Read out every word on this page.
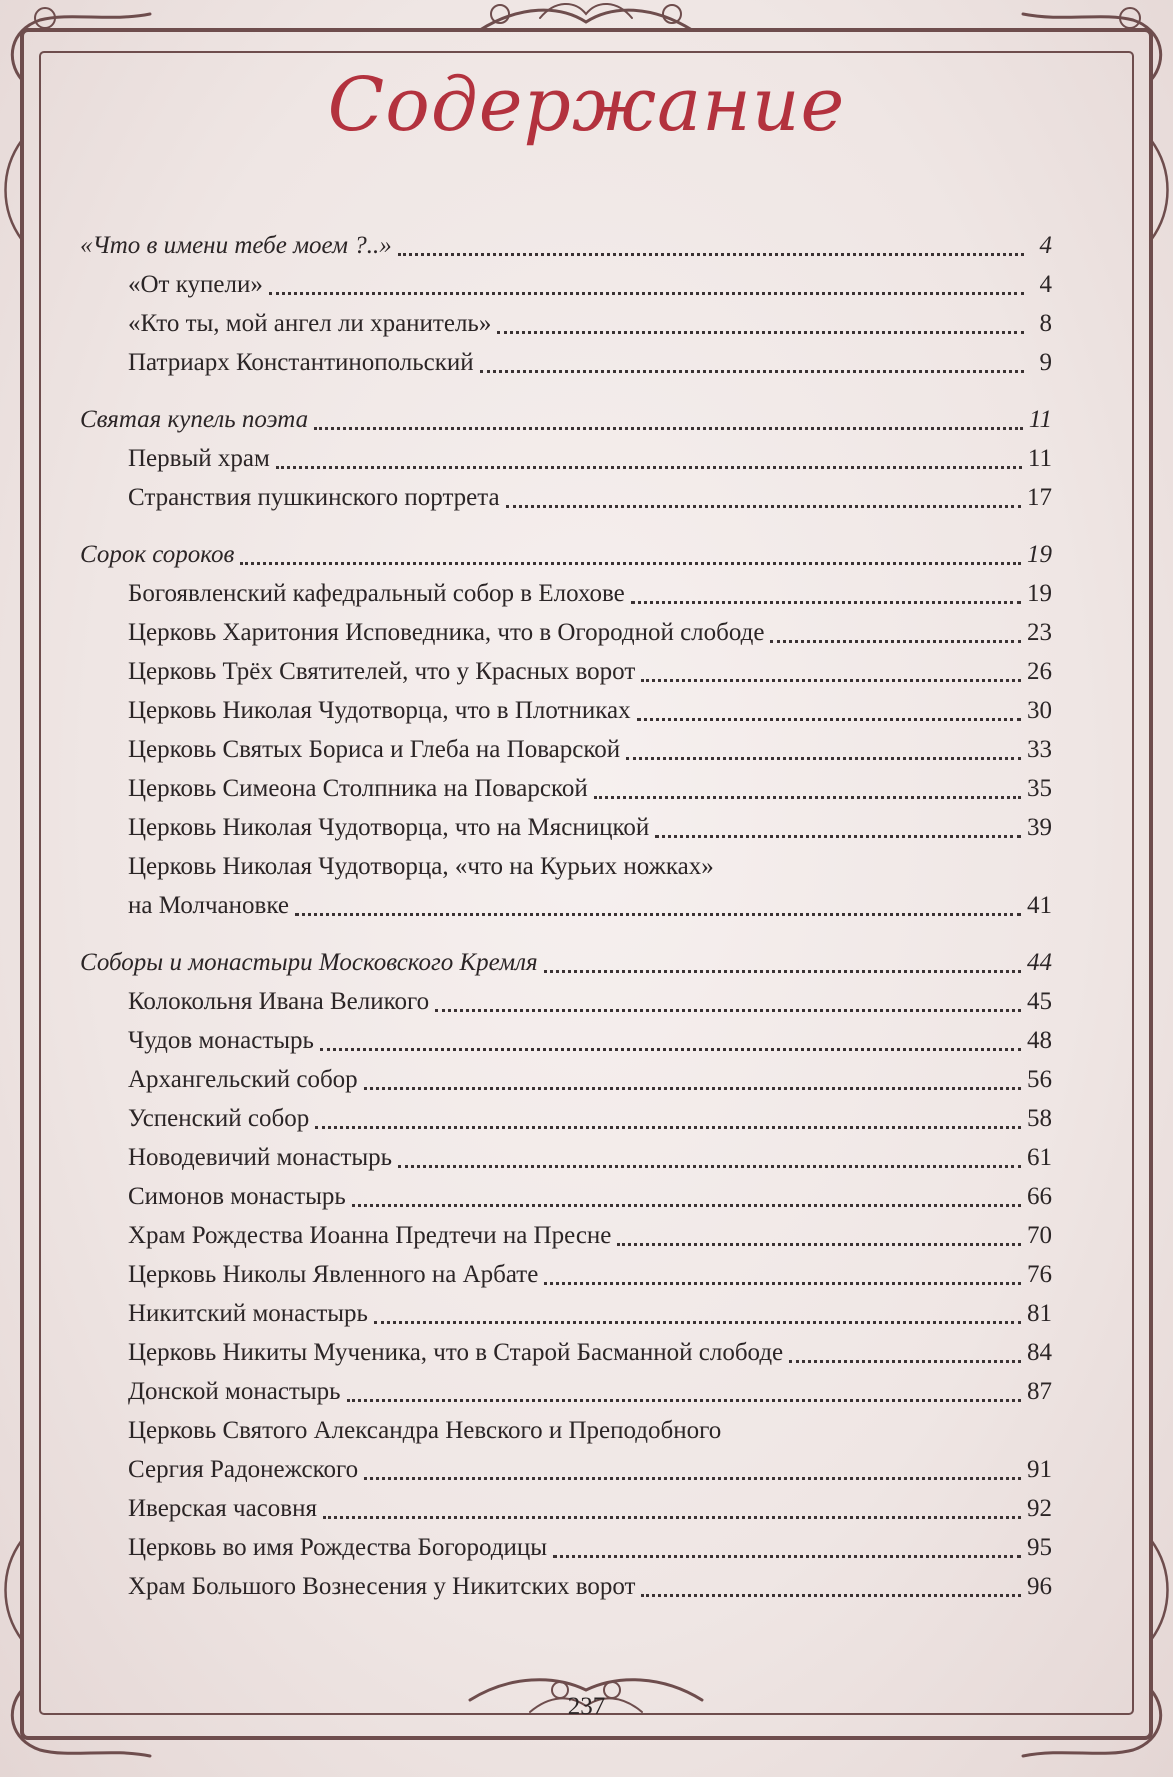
Содержание
«Что в имени тебе моем ?..»	4
«От купели»	4
«Кто ты, мой ангел ли хранитель»	8
Патриарх Константинопольский	9
Святая купель поэта	11
Первый храм	11
Странствия пушкинского портрета	17
Сорок сороков	19
Богоявленский кафедральный собор в Елохове	19
Церковь Харитония Исповедника, что в Огородной слободе	23
Церковь Трёх Святителей, что у Красных ворот	26
Церковь Николая Чудотворца, что в Плотниках	30
Церковь Святых Бориса и Глеба на Поварской	33
Церковь Симеона Столпника на Поварской	35
Церковь Николая Чудотворца, что на Мясницкой	39
Церковь Николая Чудотворца, «что на Курьих ножках»
на Молчановке	41
Соборы и монастыри Московского Кремля	44
Колокольня Ивана Великого	45
Чудов монастырь	48
Архангельский собор	56
Успенский собор	58
Новодевичий монастырь	61
Симонов монастырь	66
Храм Рождества Иоанна Предтечи на Пресне	70
Церковь Николы Явленного на Арбате	76
Никитский монастырь	81
Церковь Никиты Мученика, что в Старой Басманной слободе	84
Донской монастырь	87
Церковь Святого Александра Невского и Преподобного
Сергия Радонежского	91
Иверская часовня	92
Церковь во имя Рождества Богородицы	95
Храм Большого Вознесения у Никитских ворот	96
237
